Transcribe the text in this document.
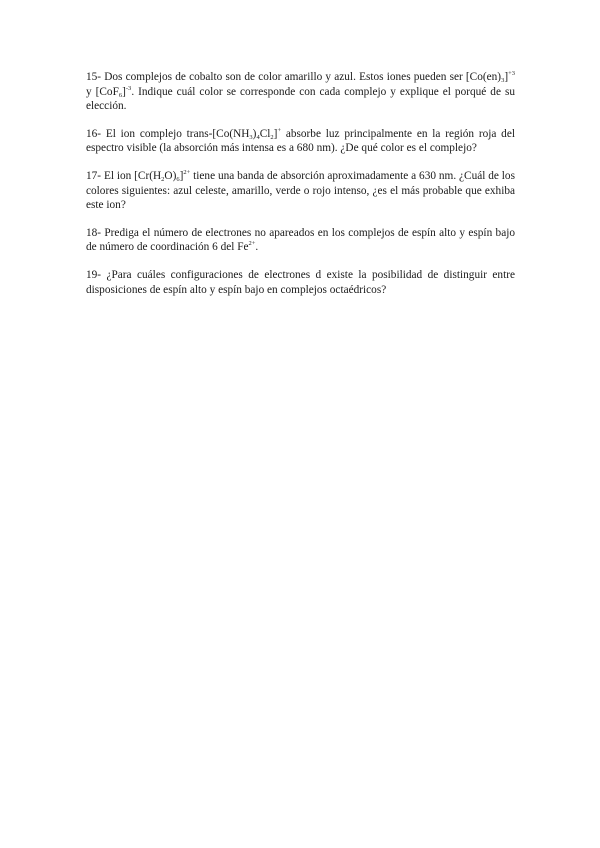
15- Dos complejos de cobalto son de color amarillo y azul. Estos iones pueden ser $[Co(en)_3]^{+3}$ y $[CoF_6]^{-3}$. Indique cuál color se corresponde con cada complejo y explique el porqué de su elección.

16- El ion complejo trans-$[Co(NH_3)_4Cl_2]^+$ absorbe luz principalmente en la región roja del espectro visible (la absorción más intensa es a 680 nm). ¿De qué color es el complejo?

17- El ion $[Cr(H_2O)_6]^{2+}$ tiene una banda de absorción aproximadamente a 630 nm. ¿Cuál de los colores siguientes: azul celeste, amarillo, verde o rojo intenso, ¿es el más probable que exhiba este ion?

18- Prediga el número de electrones no apareados en los complejos de espín alto y espín bajo de número de coordinación 6 del $Fe^{2+}$.

19- ¿Para cuáles configuraciones de electrones d existe la posibilidad de distinguir entre disposiciones de espín alto y espín bajo en complejos octaédricos?
